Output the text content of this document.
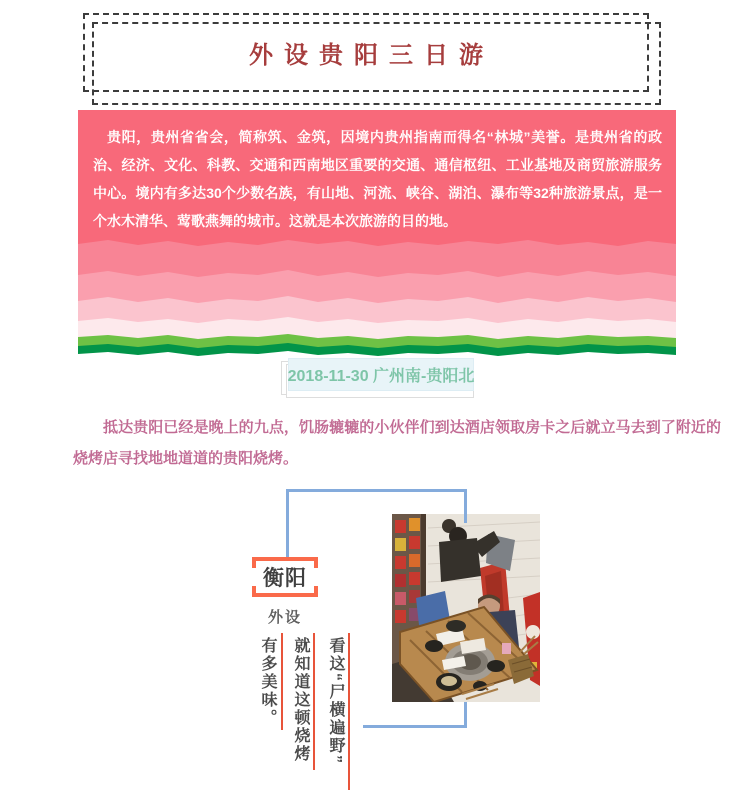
外设贵阳三日游
贵阳，贵州省省会，简称筑、金筑，因境内贵州指南而得名“林城”美誉。是贵州省的政治、经济、文化、科教、交通和西南地区重要的交通、通信枢纽、工业基地及商贸旅游服务中心。境内有多达30个少数名族，有山地、河流、峡谷、湖泊、瀑布等32种旅游景点，是一个水木清华、莺歌燕舞的城市。这就是本次旅游的目的地。
2018-11-30 广州南-贵阳北
抵达贵阳已经是晚上的九点，饥肠辘辘的小伙伴们到达酒店领取房卡之后就立马去到了附近的烧烤店寻找地地道道的贵阳烧烤。
衡阳
外设
看这“尸横遍野”
就知道这顿烧烤
有多美味。
